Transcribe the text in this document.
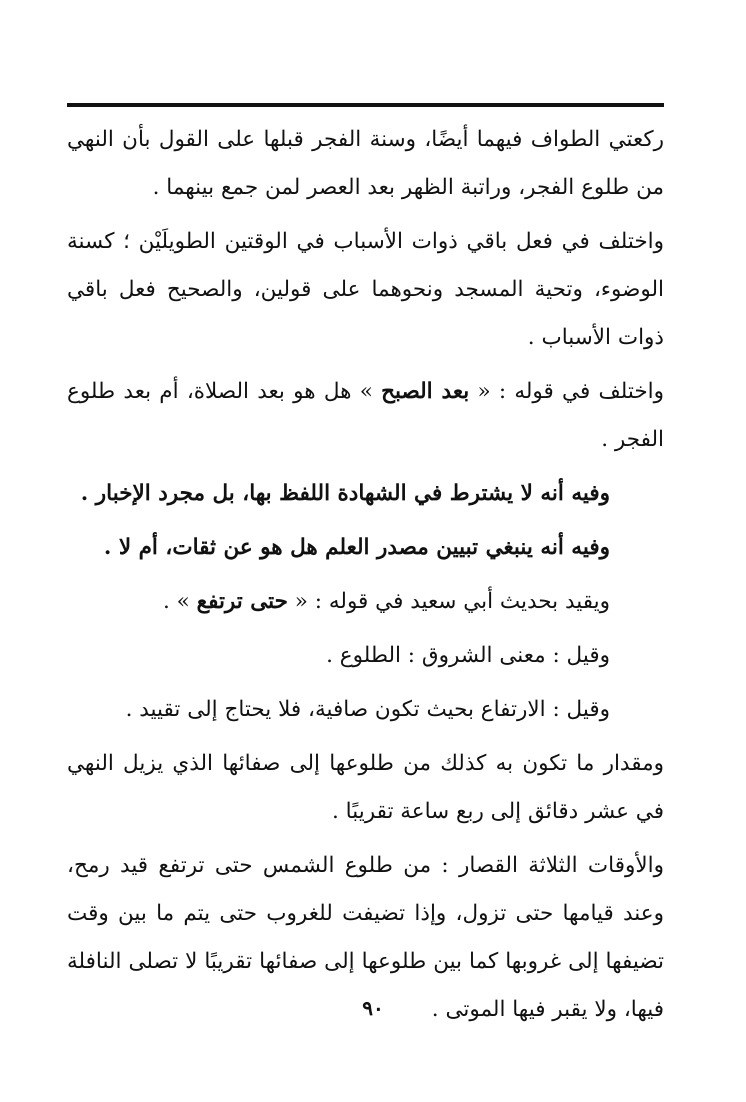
ركعتي الطواف فيهما أيضًا، وسنة الفجر قبلها على القول بأن النهي من طلوع الفجر، وراتبة الظهر بعد العصر لمن جمع بينهما .

واختلف في فعل باقي ذوات الأسباب في الوقتين الطويلَيْن ؛ كسنة الوضوء، وتحية المسجد ونحوهما على قولين، والصحيح فعل باقي ذوات الأسباب .

واختلف في قوله : « بعد الصبح » هل هو بعد الصلاة، أم بعد طلوع الفجر .

وفيه أنه لا يشترط في الشهادة اللفظ بها، بل مجرد الإخبار .

وفيه أنه ينبغي تبيين مصدر العلم هل هو عن ثقات، أم لا .

ويقيد بحديث أبي سعيد في قوله : « حتى ترتفع » .

وقيل : معنى الشروق : الطلوع .

وقيل : الارتفاع بحيث تكون صافية، فلا يحتاج إلى تقييد .

ومقدار ما تكون به كذلك من طلوعها إلى صفائها الذي يزيل النهي في عشر دقائق إلى ربع ساعة تقريبًا .

والأوقات الثلاثة القصار : من طلوع الشمس حتى ترتفع قيد رمح، وعند قيامها حتى تزول، وإذا تضيفت للغروب حتى يتم ما بين وقت تضيفها إلى غروبها كما بين طلوعها إلى صفائها تقريبًا لا تصلى النافلة فيها، ولا يقبر فيها الموتى .

٩٠
